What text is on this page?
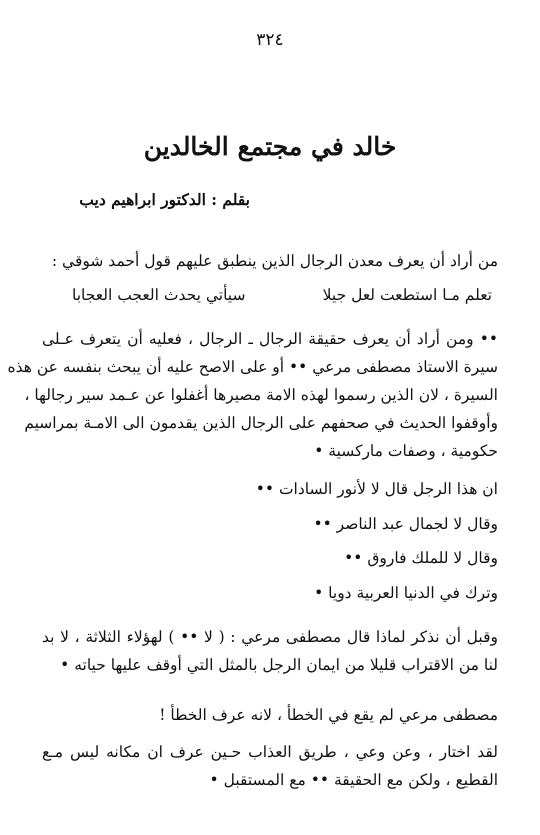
٣٢٤
خالد في مجتمع الخالدين
بقلم : الدكتور ابراهيم ديب
من أراد أن يعرف معدن الرجال الذين ينطبق عليهم قول أحمد شوقي :
تعلم مـا استطعت لعل جيلا
سيأتي يحدث العجب العجابا
•• ومن أراد أن يعرف حقيقة الرجال ـ الرجال ، فعليه أن يتعرف عـلى
سيرة الاستاذ مصطفى مرعي •• أو على الاصح عليه أن يبحث بنفسه عن هذه
السيرة ، لان الذين رسموا لهذه الامة مصيرها أغفلوا عن عـمد سير رجالها ،
وأوقفوا الحديث في صحفهم على الرجال الذين يقدمون الى الامـة بمراسيم
حكومية ، وصفات ماركسية •
ان هذا الرجل قال لا لأنور السادات ••
وقال لا لجمال عبد الناصر ••
وقال لا للملك فاروق ••
وترك في الدنيا العربية دويا •
وقبل أن نذكر لماذا قال مصطفى مرعي : ( لا •• ) لهؤلاء الثلاثة ، لا بد
لنا من الاقتراب قليلا من ايمان الرجل بالمثل التي أوقف عليها حياته •
مصطفى مرعي لم يقع في الخطأ ، لانه عرف الخطأ !
لقد اختار ، وعن وعي ، طريق العذاب حـين عرف ان مكانه ليس مـع
القطيع ، ولكن مع الحقيقة •• مع المستقبل •
